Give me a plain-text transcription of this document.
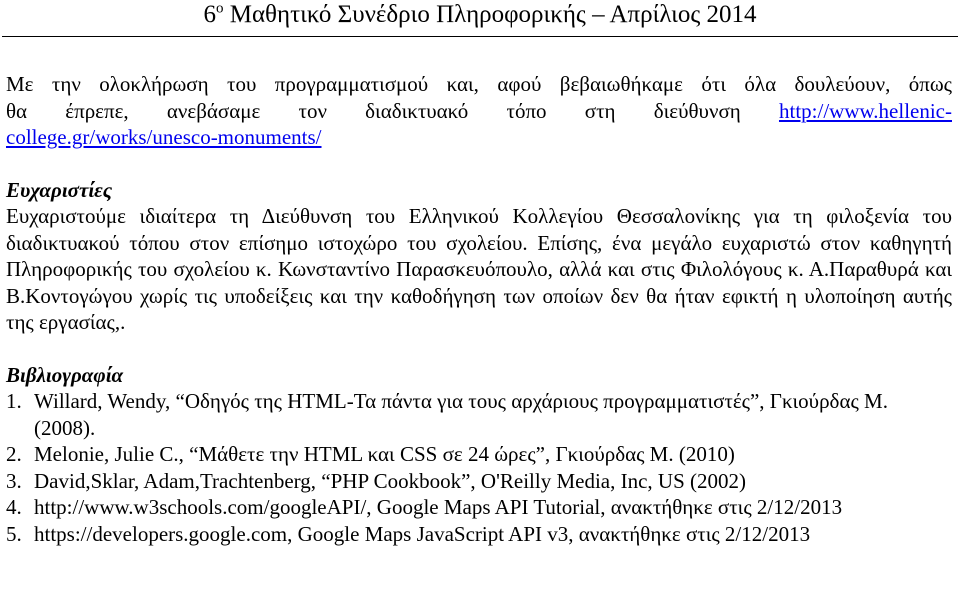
$6^o$ Μαθητικό Συνέδριο Πληροφορικής – Απρίλιος 2014

Με την ολοκλήρωση του προγραμματισμού και, αφού βεβαιωθήκαμε ότι όλα δουλεύουν, όπως

θα έπρεπε, ανεβάσαμε τον διαδικτυακό τόπο στη διεύθυνση http://www.hellenic-

college.gr/works/unesco-monuments/

Ευχαριστίες

Ευχαριστούμε ιδιαίτερα τη Διεύθυνση του Ελληνικού Κολλεγίου Θεσσαλονίκης για τη φιλοξενία του διαδικτυακού τόπου στον επίσημο ιστοχώρο του σχολείου. Επίσης, ένα μεγάλο ευχαριστώ στον καθηγητή Πληροφορικής του σχολείου κ. Κωνσταντίνο Παρασκευόπουλο, αλλά και στις Φιλολόγους κ. Α.Παραθυρά και Β.Κοντογώγου χωρίς τις υποδείξεις και την καθοδήγηση των οποίων δεν θα ήταν εφικτή η υλοποίηση αυτής της εργασίας,.

Βιβλιογραφία

1. Willard, Wendy, “Οδηγός της HTML-Τα πάντα για τους αρχάριους προγραμματιστές”, Γκιούρδας Μ. (2008).
2. Melonie, Julie C., “Μάθετε την HTML και CSS σε 24 ώρες”, Γκιούρδας Μ. (2010)
3. David,Sklar, Adam,Trachtenberg, “PHP Cookbook”, O'Reilly Media, Inc, US (2002)
4. http://www.w3schools.com/googleAPI/, Google Maps API Tutorial, ανακτήθηκε στις 2/12/2013
5. https://developers.google.com, Google Maps JavaScript API v3, ανακτήθηκε στις 2/12/2013
